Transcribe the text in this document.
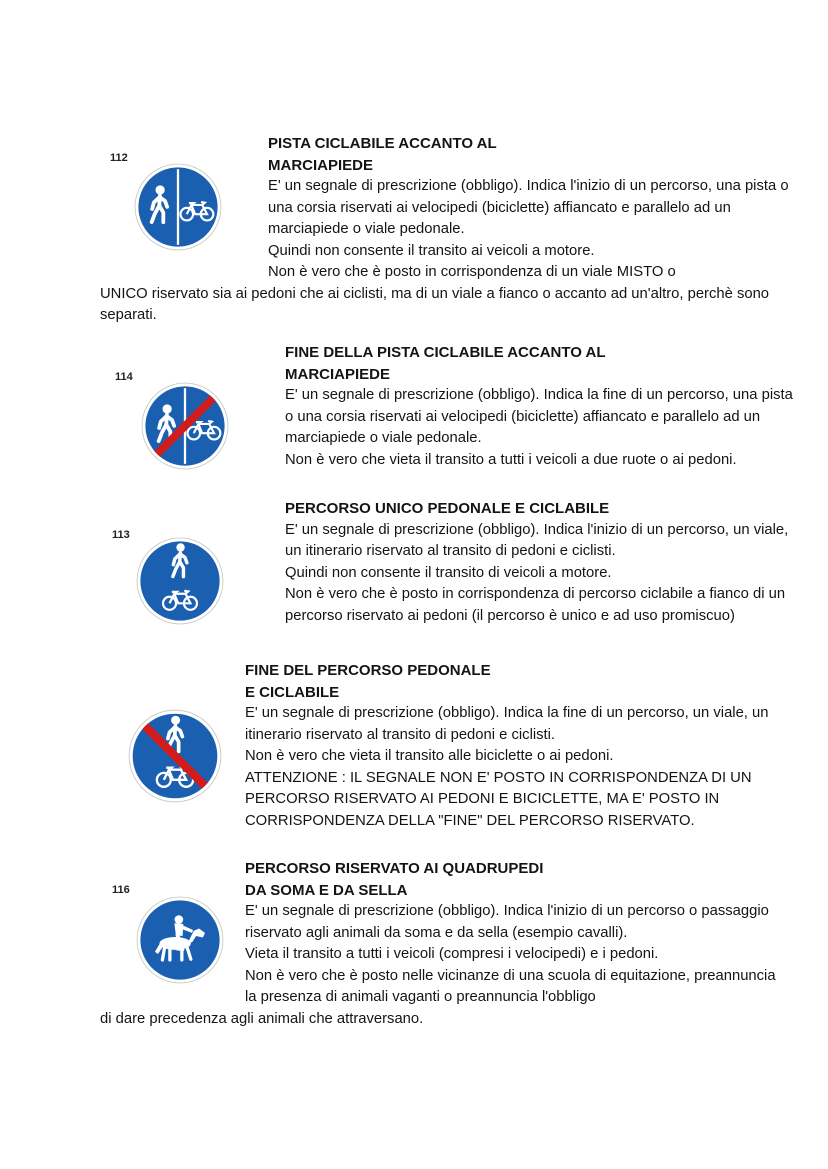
112
PISTA CICLABILE ACCANTO AL
MARCIAPIEDE

E' un segnale di prescrizione (obbligo). Indica l'inizio di un percorso, una pista o una corsia riservati ai velocipedi (biciclette) affiancato e parallelo ad un marciapiede o viale pedonale.

Quindi non consente il transito ai veicoli a motore.

Non è vero che è posto in corrispondenza di un viale MISTO o

UNICO riservato sia ai pedoni che ai ciclisti, ma di un viale a fianco o accanto ad un'altro, perchè sono separati.

114
FINE DELLA PISTA CICLABILE ACCANTO AL
MARCIAPIEDE

E' un segnale di prescrizione (obbligo). Indica la fine di un percorso, una pista o una corsia riservati ai velocipedi (biciclette) affiancato e parallelo ad un marciapiede o viale pedonale.

Non è vero che vieta il transito a tutti i veicoli a due ruote o ai pedoni.

113
PERCORSO UNICO PEDONALE E CICLABILE

E' un segnale di prescrizione (obbligo). Indica l'inizio di un percorso, un viale, un itinerario riservato al transito di pedoni e ciclisti.

Quindi non consente il transito di veicoli a motore.

Non è vero che è posto in corrispondenza di percorso ciclabile a fianco di un percorso riservato ai pedoni (il percorso è unico e ad uso promiscuo)

FINE DEL PERCORSO PEDONALE
E CICLABILE

E' un segnale di prescrizione (obbligo). Indica la fine di un percorso, un viale, un itinerario riservato al transito di pedoni e ciclisti.

Non è vero che vieta il transito alle biciclette o ai pedoni.

ATTENZIONE : IL SEGNALE NON E' POSTO IN CORRISPONDENZA DI UN PERCORSO RISERVATO AI PEDONI E BICICLETTE, MA E' POSTO IN CORRISPONDENZA DELLA "FINE" DEL PERCORSO RISERVATO.

116
PERCORSO RISERVATO AI QUADRUPEDI
DA SOMA E DA SELLA

E' un segnale di prescrizione (obbligo). Indica l'inizio di un percorso o passaggio riservato agli animali da soma e da sella (esempio cavalli).

Vieta il transito a tutti i veicoli (compresi i velocipedi) e i pedoni.

Non è vero che è posto nelle vicinanze di una scuola di equitazione, preannuncia la presenza di animali vaganti o preannuncia l'obbligo

di dare precedenza agli animali che attraversano.
